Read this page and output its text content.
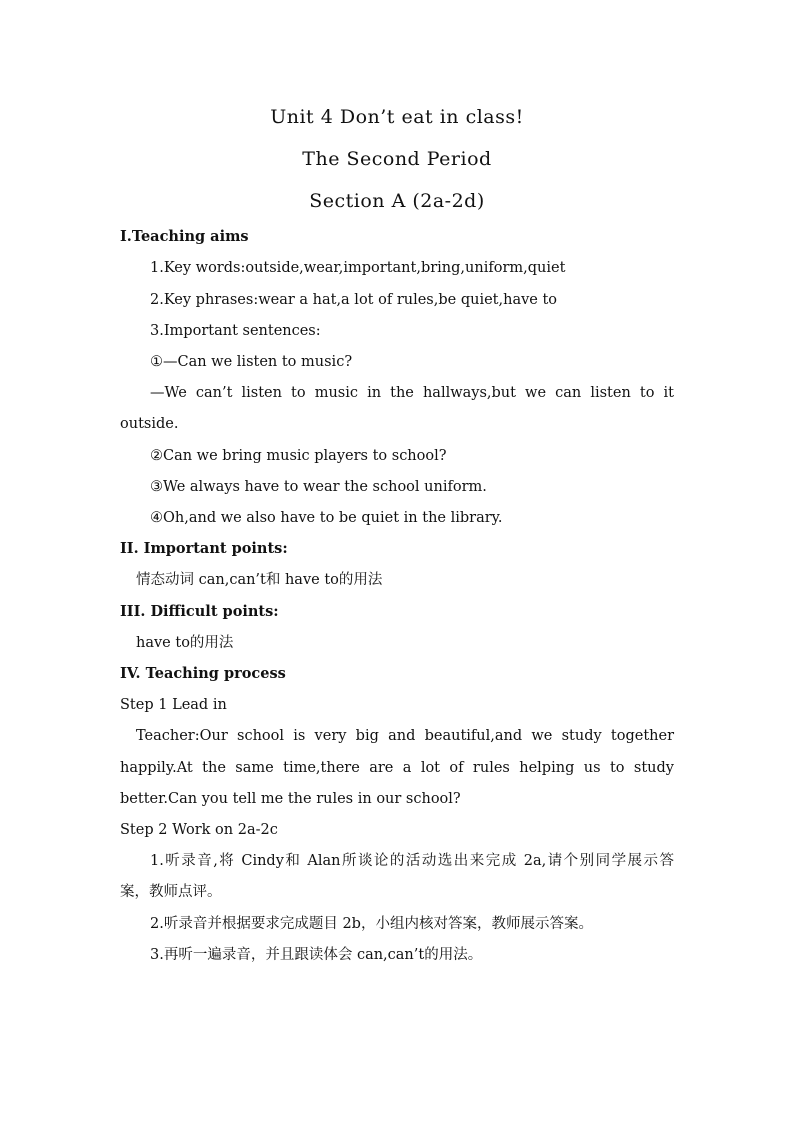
Unit 4 Don’t eat in class!
The Second Period
Section A (2a-2d)
I.Teaching aims
1.Key words:outside,wear,important,bring,uniform,quiet
2.Key phrases:wear a hat,a lot of rules,be quiet,have to
3.Important sentences:
①—Can we listen to music?
—We can’t listen to music in the hallways,but we can listen to it
outside.
②Can we bring music players to school?
③We always have to wear the school uniform.
④Oh,and we also have to be quiet in the library.
II. Important points:
情态动词 can,can’t和 have to的用法
III. Difficult points:
have to的用法
IV. Teaching process
Step 1 Lead in
Teacher:Our school is very big and beautiful,and we study together
happily.At the same time,there are a lot of rules helping us to study
better.Can you tell me the rules in our school?
Step 2 Work on 2a-2c
1.听录音,将 Cindy和 Alan所谈论的活动选出来完成 2a,请个别同学展示答
案，教师点评。
2.听录音并根据要求完成题目 2b，小组内核对答案，教师展示答案。
3.再听一遍录音，并且跟读体会 can,can’t的用法。
